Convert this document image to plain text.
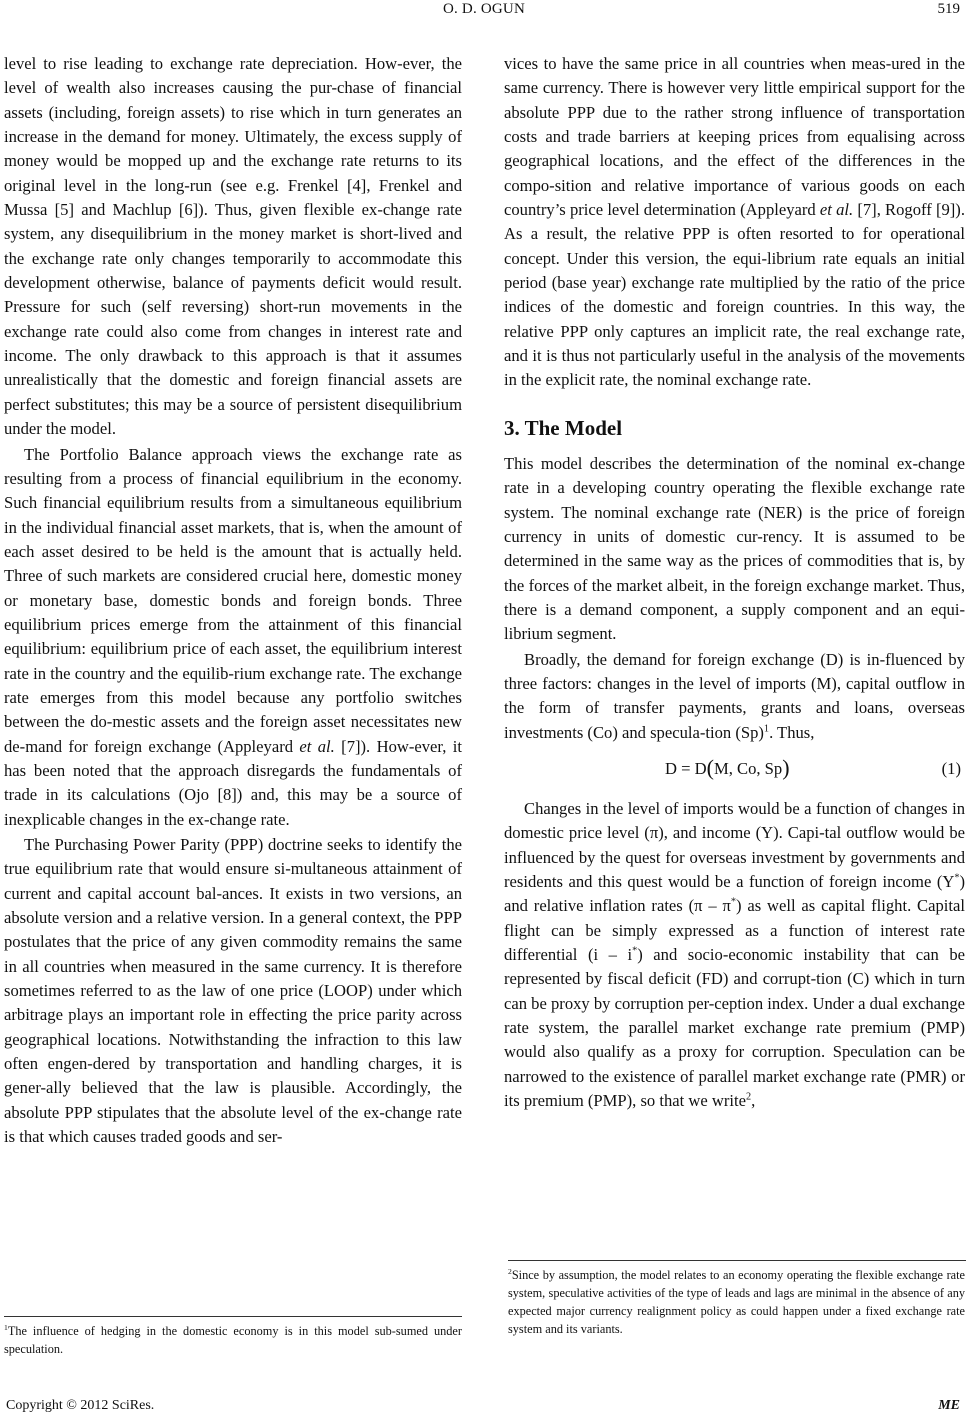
O. D. OGUN	519

level to rise leading to exchange rate depreciation. How-ever, the level of wealth also increases causing the pur-chase of financial assets (including, foreign assets) to rise which in turn generates an increase in the demand for money. Ultimately, the excess supply of money would be mopped up and the exchange rate returns to its original level in the long-run (see e.g. Frenkel [4], Frenkel and Mussa [5] and Machlup [6]). Thus, given flexible ex-change rate system, any disequilibrium in the money market is short-lived and the exchange rate only changes temporarily to accommodate this development otherwise, balance of payments deficit would result. Pressure for such (self reversing) short-run movements in the exchange rate could also come from changes in interest rate and income. The only drawback to this approach is that it assumes unrealistically that the domestic and foreign financial assets are perfect substitutes; this may be a source of persistent disequilibrium under the model.

The Portfolio Balance approach views the exchange rate as resulting from a process of financial equilibrium in the economy. Such financial equilibrium results from a simultaneous equilibrium in the individual financial asset markets, that is, when the amount of each asset desired to be held is the amount that is actually held. Three of such markets are considered crucial here, domestic money or monetary base, domestic bonds and foreign bonds. Three equilibrium prices emerge from the attainment of this financial equilibrium: equilibrium price of each asset, the equilibrium interest rate in the country and the equilib-rium exchange rate. The exchange rate emerges from this model because any portfolio switches between the do-mestic assets and the foreign asset necessitates new de-mand for foreign exchange (Appleyard et al. [7]). How-ever, it has been noted that the approach disregards the fundamentals of trade in its calculations (Ojo [8]) and, this may be a source of inexplicable changes in the ex-change rate.

The Purchasing Power Parity (PPP) doctrine seeks to identify the true equilibrium rate that would ensure si-multaneous attainment of current and capital account bal-ances. It exists in two versions, an absolute version and a relative version. In a general context, the PPP postulates that the price of any given commodity remains the same in all countries when measured in the same currency. It is therefore sometimes referred to as the law of one price (LOOP) under which arbitrage plays an important role in effecting the price parity across geographical locations. Notwithstanding the infraction to this law often engen-dered by transportation and handling charges, it is gener-ally believed that the law is plausible. Accordingly, the absolute PPP stipulates that the absolute level of the ex-change rate is that which causes traded goods and ser-

$^1$The influence of hedging in the domestic economy is in this model sub-sumed under speculation.

vices to have the same price in all countries when meas-ured in the same currency. There is however very little empirical support for the absolute PPP due to the rather strong influence of transportation costs and trade barriers at keeping prices from equalising across geographical locations, and the effect of the differences in the compo-sition and relative importance of various goods on each country’s price level determination (Appleyard et al. [7], Rogoff [9]). As a result, the relative PPP is often resorted to for operational concept. Under this version, the equi-librium rate equals an initial period (base year) exchange rate multiplied by the ratio of the price indices of the domestic and foreign countries. In this way, the relative PPP only captures an implicit rate, the real exchange rate, and it is thus not particularly useful in the analysis of the movements in the explicit rate, the nominal exchange rate.

3. The Model

This model describes the determination of the nominal ex-change rate in a developing country operating the flexible exchange rate system. The nominal exchange rate (NER) is the price of foreign currency in units of domestic cur-rency. It is assumed to be determined in the same way as the prices of commodities that is, by the forces of the market albeit, in the foreign exchange market. Thus, there is a demand component, a supply component and an equi-librium segment.

Broadly, the demand for foreign exchange (D) is in-fluenced by three factors: changes in the level of imports (M), capital outflow in the form of transfer payments, grants and loans, overseas investments (Co) and specula-tion $(Sp)^1$. Thus,

D = D(M, Co, Sp)	(1)

Changes in the level of imports would be a function of changes in domestic price level (π), and income (Y). Capi-tal outflow would be influenced by the quest for overseas investment by governments and residents and this quest would be a function of foreign income (Y*) and relative inflation rates (π – π*) as well as capital flight. Capital flight can be simply expressed as a function of interest rate differential (i – i*) and socio-economic instability that can be represented by fiscal deficit (FD) and corrupt-tion (C) which in turn can be proxy by corruption per-ception index. Under a dual exchange rate system, the parallel market exchange rate premium (PMP) would also qualify as a proxy for corruption. Speculation can be narrowed to the existence of parallel market exchange rate (PMR) or its premium (PMP), so that we write$^2$,

$^2$Since by assumption, the model relates to an economy operating the flexible exchange rate system, speculative activities of the type of leads and lags are minimal in the absence of any expected major currency realignment policy as could happen under a fixed exchange rate system and its variants.
Copyright © 2012 SciRes.	ME
